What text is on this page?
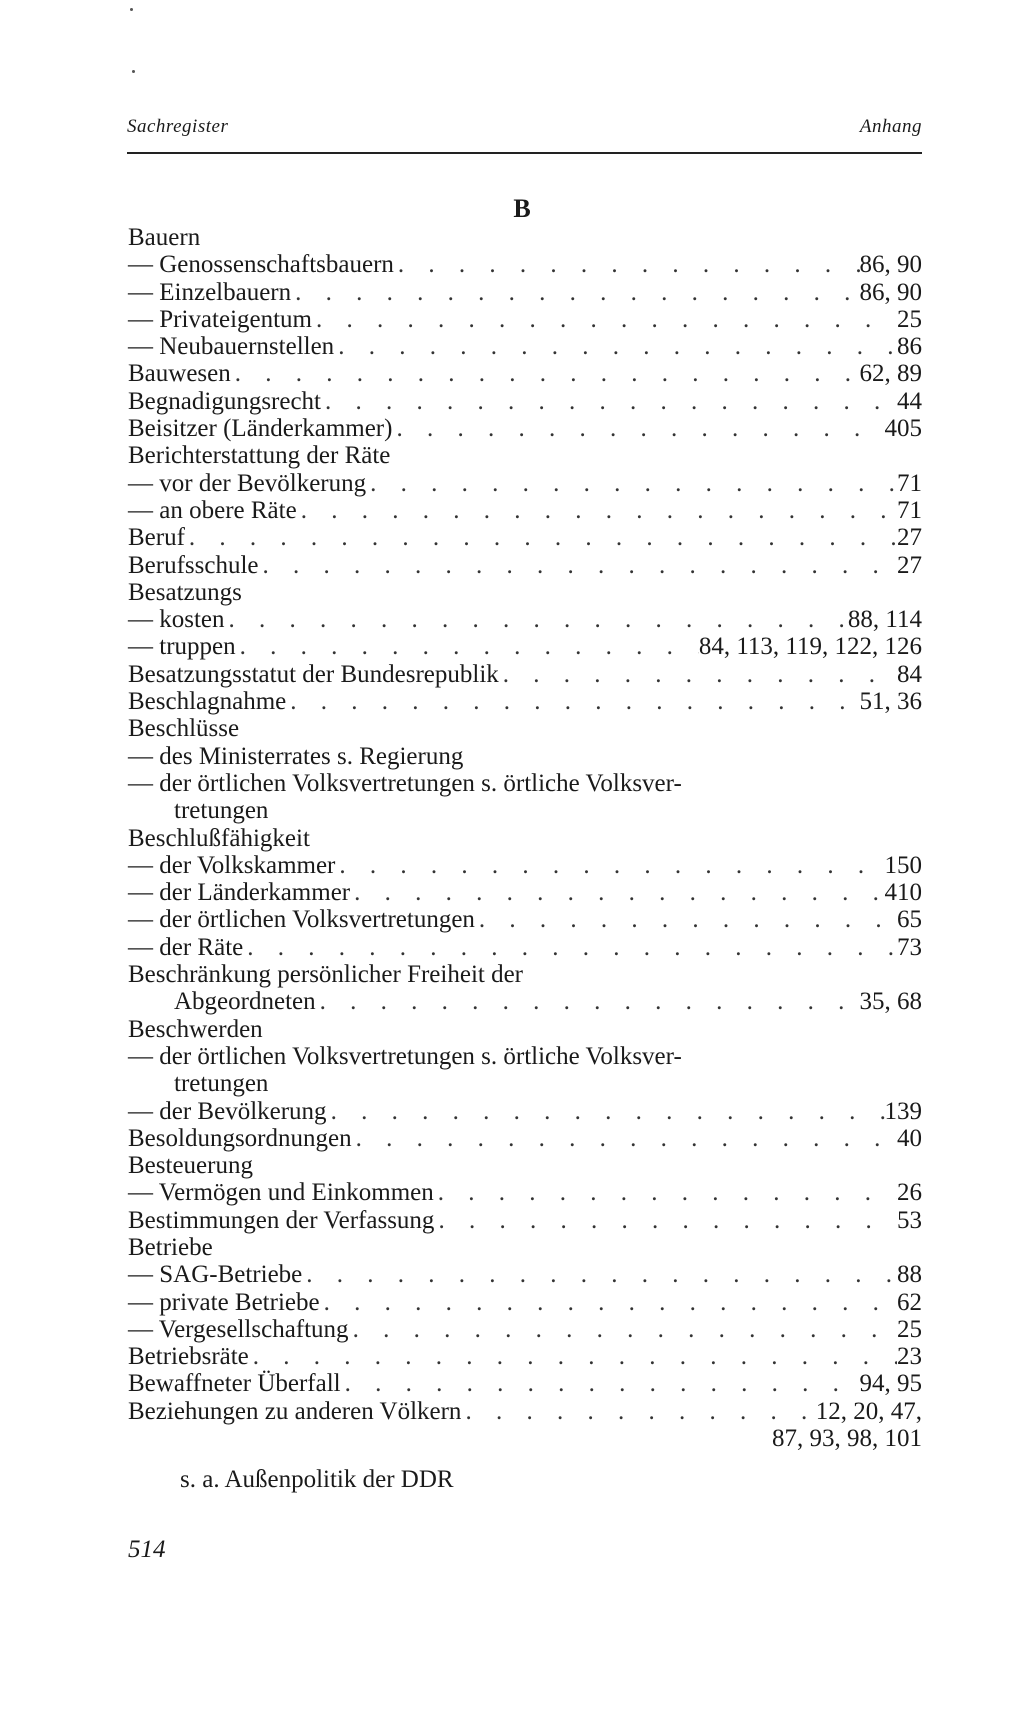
Sachregister	Anhang
B
Bauern
— Genossenschaftsbauern . . .	86, 90
— Einzelbauern . . .	86, 90
— Privateigentum . . .	25
— Neubauernstellen . . .	86
Bauwesen . . .	62, 89
Begnadigungsrecht . . .	44
Beisitzer (Länderkammer) . . .	405
Berichterstattung der Räte
— vor der Bevölkerung . . .	71
— an obere Räte . . .	71
Beruf . . .	27
Berufsschule . . .	27
Besatzungs
— kosten . . .	88, 114
— truppen . . .	84, 113, 119, 122, 126
Besatzungsstatut der Bundesrepublik . . .	84
Beschlagnahme . . .	51, 36
Beschlüsse
— des Ministerrates s. Regierung
— der örtlichen Volksvertretungen s. örtliche Volksver-
tretungen
Beschlußfähigkeit
— der Volkskammer . . .	150
— der Länderkammer . . .	410
— der örtlichen Volksvertretungen . . .	65
— der Räte . . .	73
Beschränkung persönlicher Freiheit der
Abgeordneten . . .	35, 68
Beschwerden
— der örtlichen Volksvertretungen s. örtliche Volksver-
tretungen
— der Bevölkerung . . .	139
Besoldungsordnungen . . .	40
Besteuerung
— Vermögen und Einkommen . . .	26
Bestimmungen der Verfassung . . .	53
Betriebe
— SAG-Betriebe . . .	88
— private Betriebe . . .	62
— Vergesellschaftung . . .	25
Betriebsräte . . .	23
Bewaffneter Überfall . . .	94, 95
Beziehungen zu anderen Völkern . . .	12, 20, 47,
87, 93, 98, 101
s. a. Außenpolitik der DDR
514
